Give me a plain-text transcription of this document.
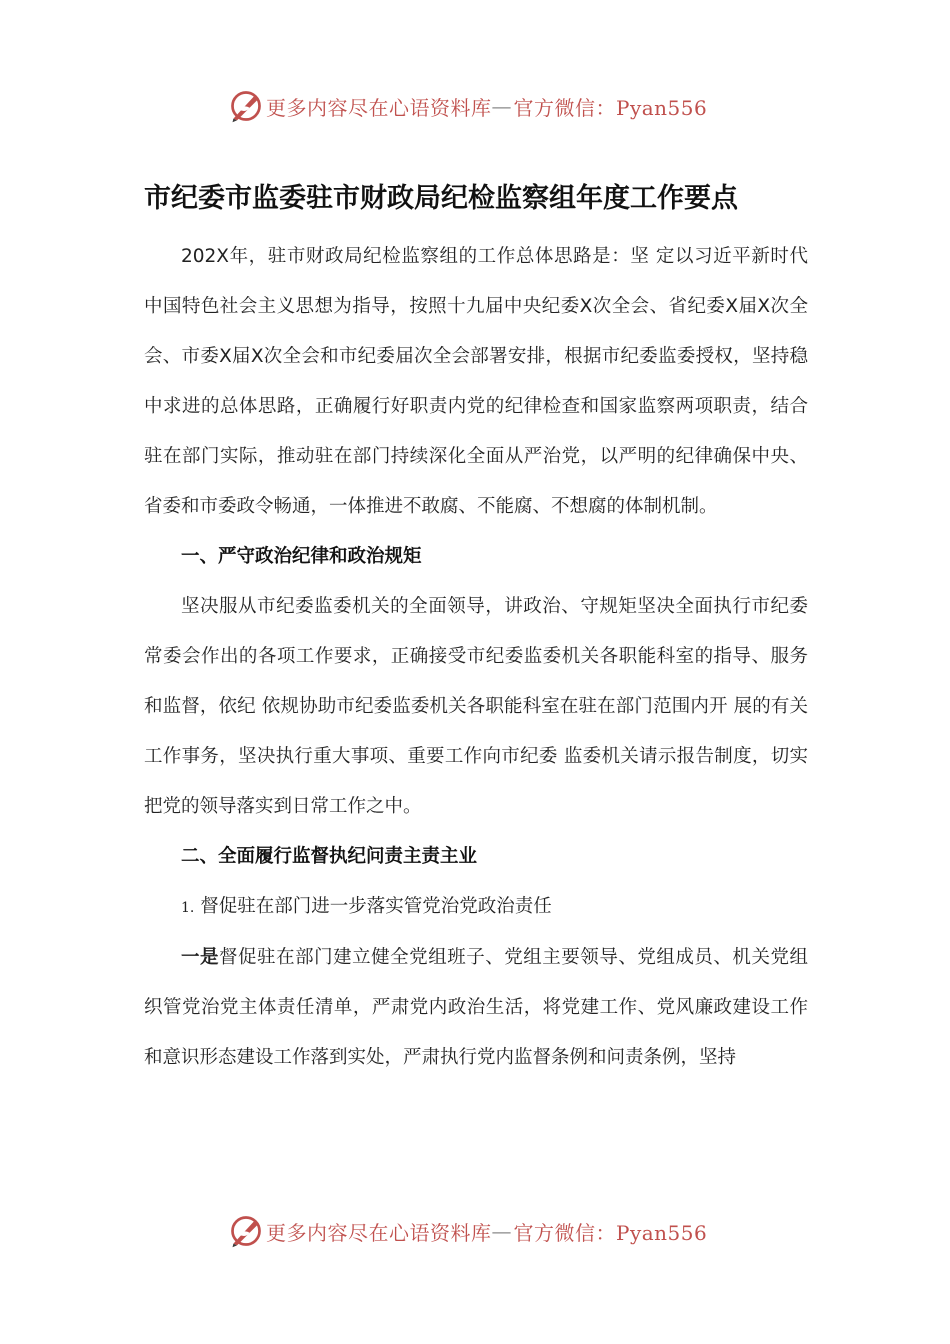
更多内容尽在心语资料库 — 官方微信：Pyan556
市纪委市监委驻市财政局纪检监察组年度工作要点

202X年，驻市财政局纪检监察组的工作总体思路是：坚 定以习近平新时代中国特色社会主义思想为指导，按照十九届中央纪委Ⅹ次全会、省纪委Ⅹ届Ⅹ次全会、市委Ⅹ届Ⅹ次全会和市纪委届次全会部署安排，根据市纪委监委授权，坚持稳中求进的总体思路，正确履行好职责内党的纪律检查和国家监察两项职责，结合驻在部门实际，推动驻在部门持续深化全面从严治党，以严明的纪律确保中央、省委和市委政令畅通，一体推进不敢腐、不能腐、不想腐的体制机制。

一、严守政治纪律和政治规矩

坚决服从市纪委监委机关的全面领导，讲政治、守规矩坚决全面执行市纪委常委会作出的各项工作要求，正确接受市纪委监委机关各职能科室的指导、服务和监督，依纪 依规协助市纪委监委机关各职能科室在驻在部门范围内开 展的有关工作事务，坚决执行重大事项、重要工作向市纪委 监委机关请示报告制度，切实把党的领导落实到日常工作之中。

二、全面履行监督执纪问责主责主业
1. 督促驻在部门进一步落实管党治党政治责任

一是督促驻在部门建立健全党组班子、党组主要领导、党组成员、机关党组织管党治党主体责任清单，严肃党内政治生活，将党建工作、党风廉政建设工作和意识形态建设工作落到实处，严肃执行党内监督条例和问责条例，坚持

更多内容尽在心语资料库 — 官方微信：Pyan556
